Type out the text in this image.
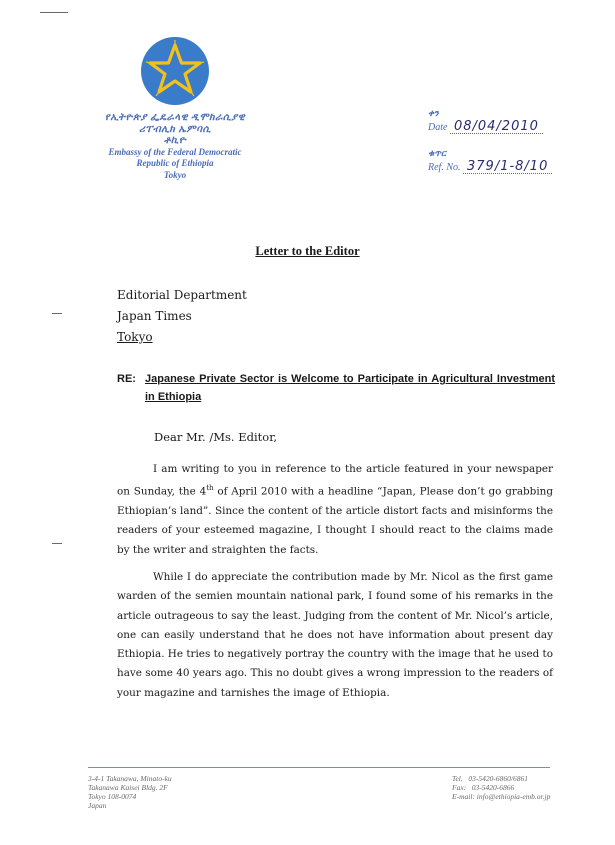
የኢትዮጵያ ፌዴራላዊ ዲሞክራሲያዊ
ሪፐብሊክ ኤምባሲ
ቶኪዮ
Embassy of the Federal Democratic
Republic of Ethiopia
Tokyo
ቀን
Date 08/04/2010
ቁጥር
Ref. No. 379/1-8/10
Letter to the Editor
Editorial Department
Japan Times
Tokyo
RE: Japanese Private Sector is Welcome to Participate in Agricultural Investment in Ethiopia
Dear Mr. /Ms. Editor,
I am writing to you in reference to the article featured in your newspaper on Sunday, the 4th of April 2010 with a headline “Japan, Please don’t go grabbing Ethiopian’s land”. Since the content of the article distort facts and misinforms the readers of your esteemed magazine, I thought I should react to the claims made by the writer and straighten the facts.
While I do appreciate the contribution made by Mr. Nicol as the first game warden of the semien mountain national park, I found some of his remarks in the article outrageous to say the least. Judging from the content of Mr. Nicol’s article, one can easily understand that he does not have information about present day Ethiopia. He tries to negatively portray the country with the image that he used to have some 40 years ago. This no doubt gives a wrong impression to the readers of your magazine and tarnishes the image of Ethiopia.
3-4-1 Takanawa, Minato-ku
Takanawa Kaisei Bldg. 2F
Tokyo 108-0074
Japan
Tel.   03-5420-6860/6861
Fax:   03-5420-6866
E-mail: info@ethiopia-emb.or.jp
